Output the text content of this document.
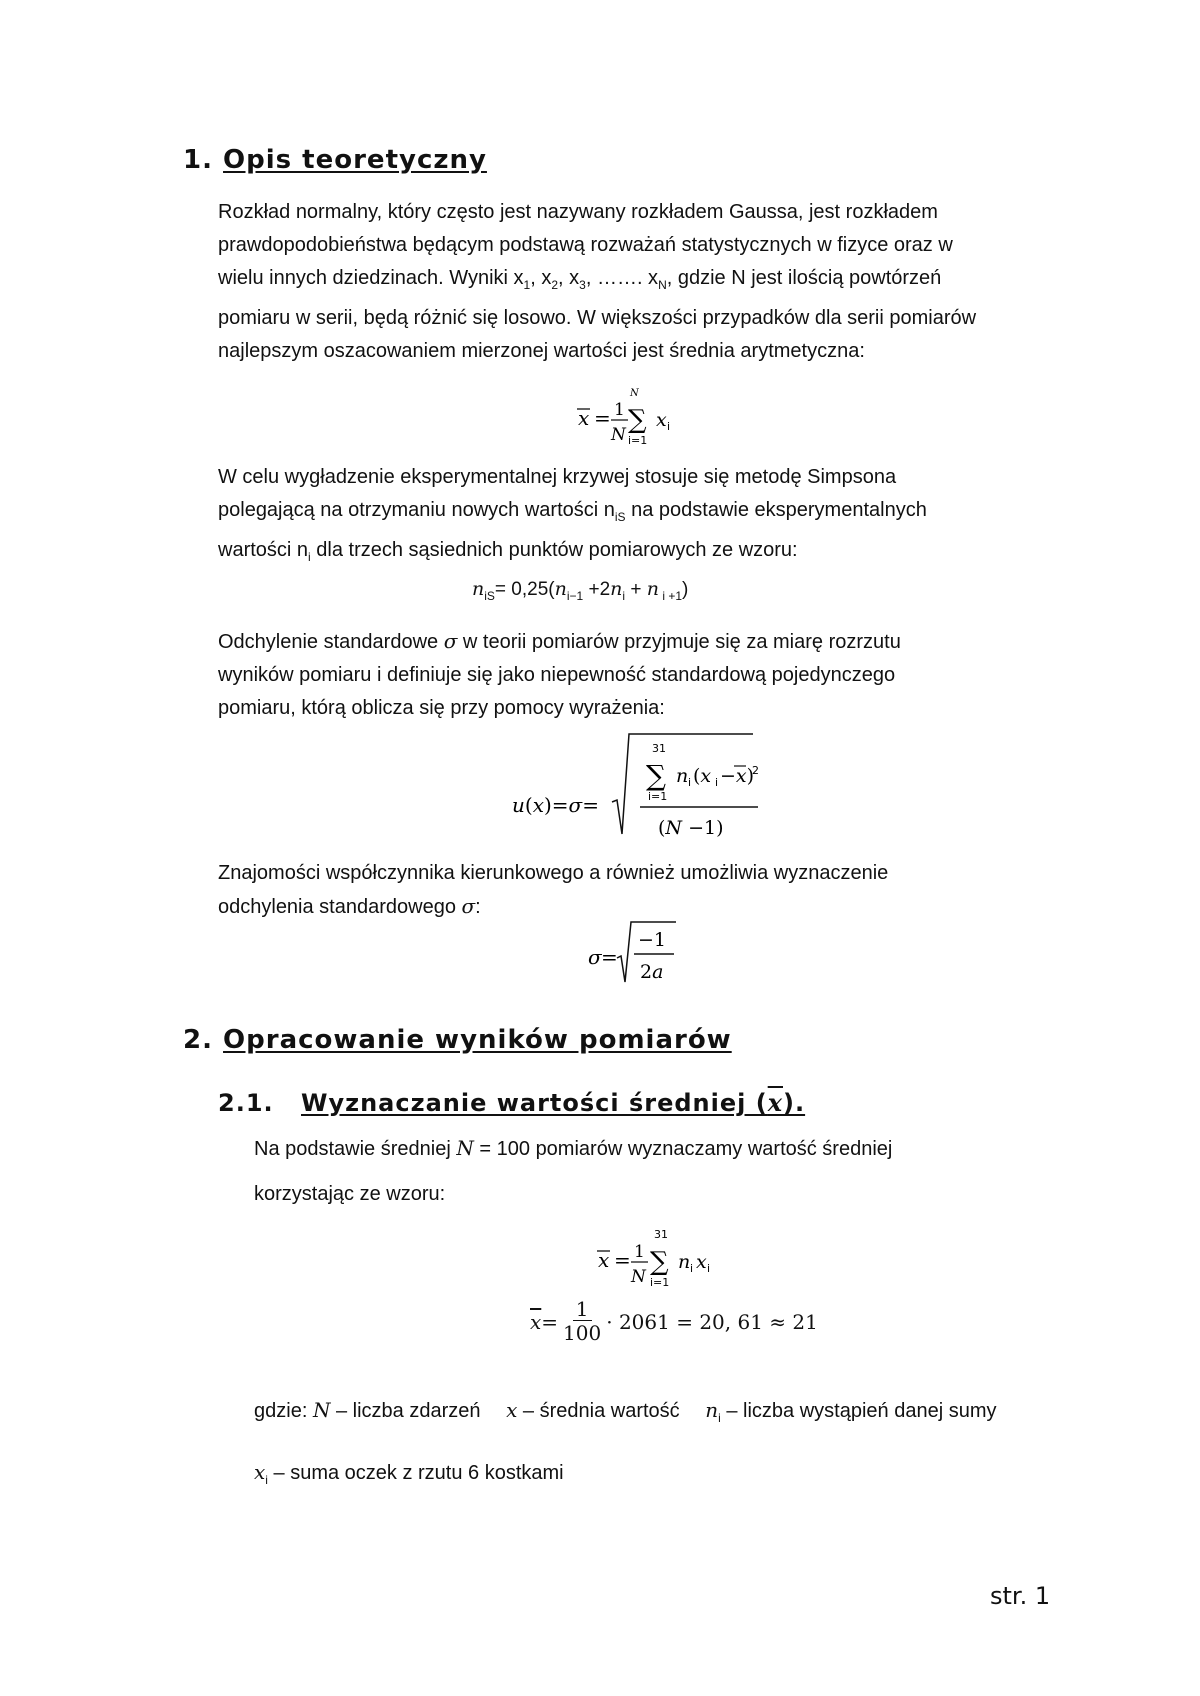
1. Opis teoretyczny
Rozkład normalny, który często jest nazywany rozkładem Gaussa, jest rozkładem
prawdopodobieństwa będącym podstawą rozważań statystycznych w fizyce oraz w
wielu innych dziedzinach. Wyniki $x_1$, $x_2$, $x_3$, ……. $x_N$, gdzie N jest ilością powtórzeń
pomiaru w serii, będą różnić się losowo. W większości przypadków dla serii pomiarów
najlepszym oszacowaniem mierzonej wartości jest średnia arytmetyczna:
x = 1
N
N
∑
i=1
x i
W celu wygładzenie eksperymentalnej krzywej stosuje się metodę Simpsona
polegającą na otrzymaniu nowych wartości $n_{iS}$ na podstawie eksperymentalnych
wartości $n_i$ dla trzech sąsiednich punktów pomiarowych ze wzoru:
$n_{iS}= 0,25(n_{i-1} +2n_i + n$ $_{i +1}$)
Odchylenie standardowe σ w teorii pomiarów przyjmuje się za miarę rozrzutu
wyników pomiaru i definiuje się jako niepewność standardową pojedynczego
pomiaru, którą oblicza się przy pomocy wyrażenia:
u(x)=σ=
31
∑
i=1
n i (x i −x)
2
(N −1)
Znajomości współczynnika kierunkowego a również umożliwia wyznaczenie
odchylenia standardowego σ:
σ =
−1
2a
2. Opracowanie wyników pomiarów
2.1. Wyznaczanie wartości średniej (x).
Na podstawie średniej N = 100 pomiarów wyznaczamy wartość średniej
korzystając ze wzoru:
x = 1
N
31
∑
i=1
n i x i
$\overline{x} = \frac{1}{100} \cdot 2061 = 20$, 61 ≈ 21
gdzie: N – liczba zdarzeń x – średnia wartość $n_i$ – liczba wystąpień danej sumy
$x_i$ – suma oczek z rzutu 6 kostkami
str. 1
